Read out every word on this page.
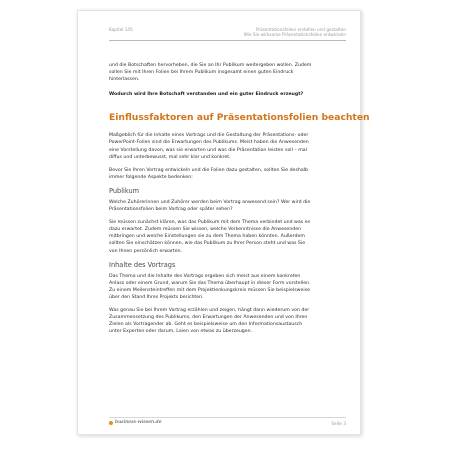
Kapitel 145	Präsentationsfolien erstellen und gestalten
Wie Sie wirksame Präsentationsfolien entwickeln

und die Botschaften hervorheben, die Sie an Ihr Publikum weitergeben wollen. Zudem
sollen Sie mit Ihren Folien bei Ihrem Publikum insgesamt einen guten Eindruck
hinterlassen.

Wodurch wird Ihre Botschaft verstanden und ein guter Eindruck erzeugt?

Einflussfaktoren auf Präsentationsfolien beachten

Maßgeblich für die Inhalte eines Vortrags und die Gestaltung der Präsentations- oder
PowerPoint-Folien sind die Erwartungen des Publikums. Meist haben die Anwesenden
eine Vorstellung davon, was sie erwarten und was die Präsentation leisten soll – mal
diffus und unterbewusst, mal sehr klar und konkret.

Bevor Sie Ihren Vortrag entwickeln und die Folien dazu gestalten, sollten Sie deshalb
immer folgende Aspekte bedenken:

Publikum

Welche Zuhörerinnen und Zuhörer werden beim Vortrag anwesend sein? Wer wird die
Präsentationsfolien beim Vortrag oder später sehen?

Sie müssen zunächst klären, was das Publikum mit dem Thema verbindet und was es
dazu erwartet. Zudem müssen Sie wissen, welche Vorkenntnisse die Anwesenden
mitbringen und welche Einstellungen sie zu dem Thema haben könnten. Außerdem
sollten Sie einschätzen können, wie das Publikum zu Ihrer Person steht und was Sie
von Ihnen persönlich erwarten.

Inhalte des Vortrags

Das Thema und die Inhalte des Vortrags ergeben sich meist aus einem konkreten
Anlass oder einem Grund, warum Sie das Thema überhaupt in dieser Form vorstellen.
Zu einem Meilensteintreffen mit dem Projektlenkungskreis müssen Sie beispielsweise
über den Stand Ihres Projekts berichten.

Was genau Sie bei Ihrem Vortrag erzählen und zeigen, hängt dann wiederum von der
Zusammensetzung des Publikums, den Erwartungen der Anwesenden und von Ihren
Zielen als Vortragender ab. Geht es beispielsweise um den Informationsaustausch
unter Experten oder darum, Laien von etwas zu überzeugen.

business-wissen.de	Seite 3
